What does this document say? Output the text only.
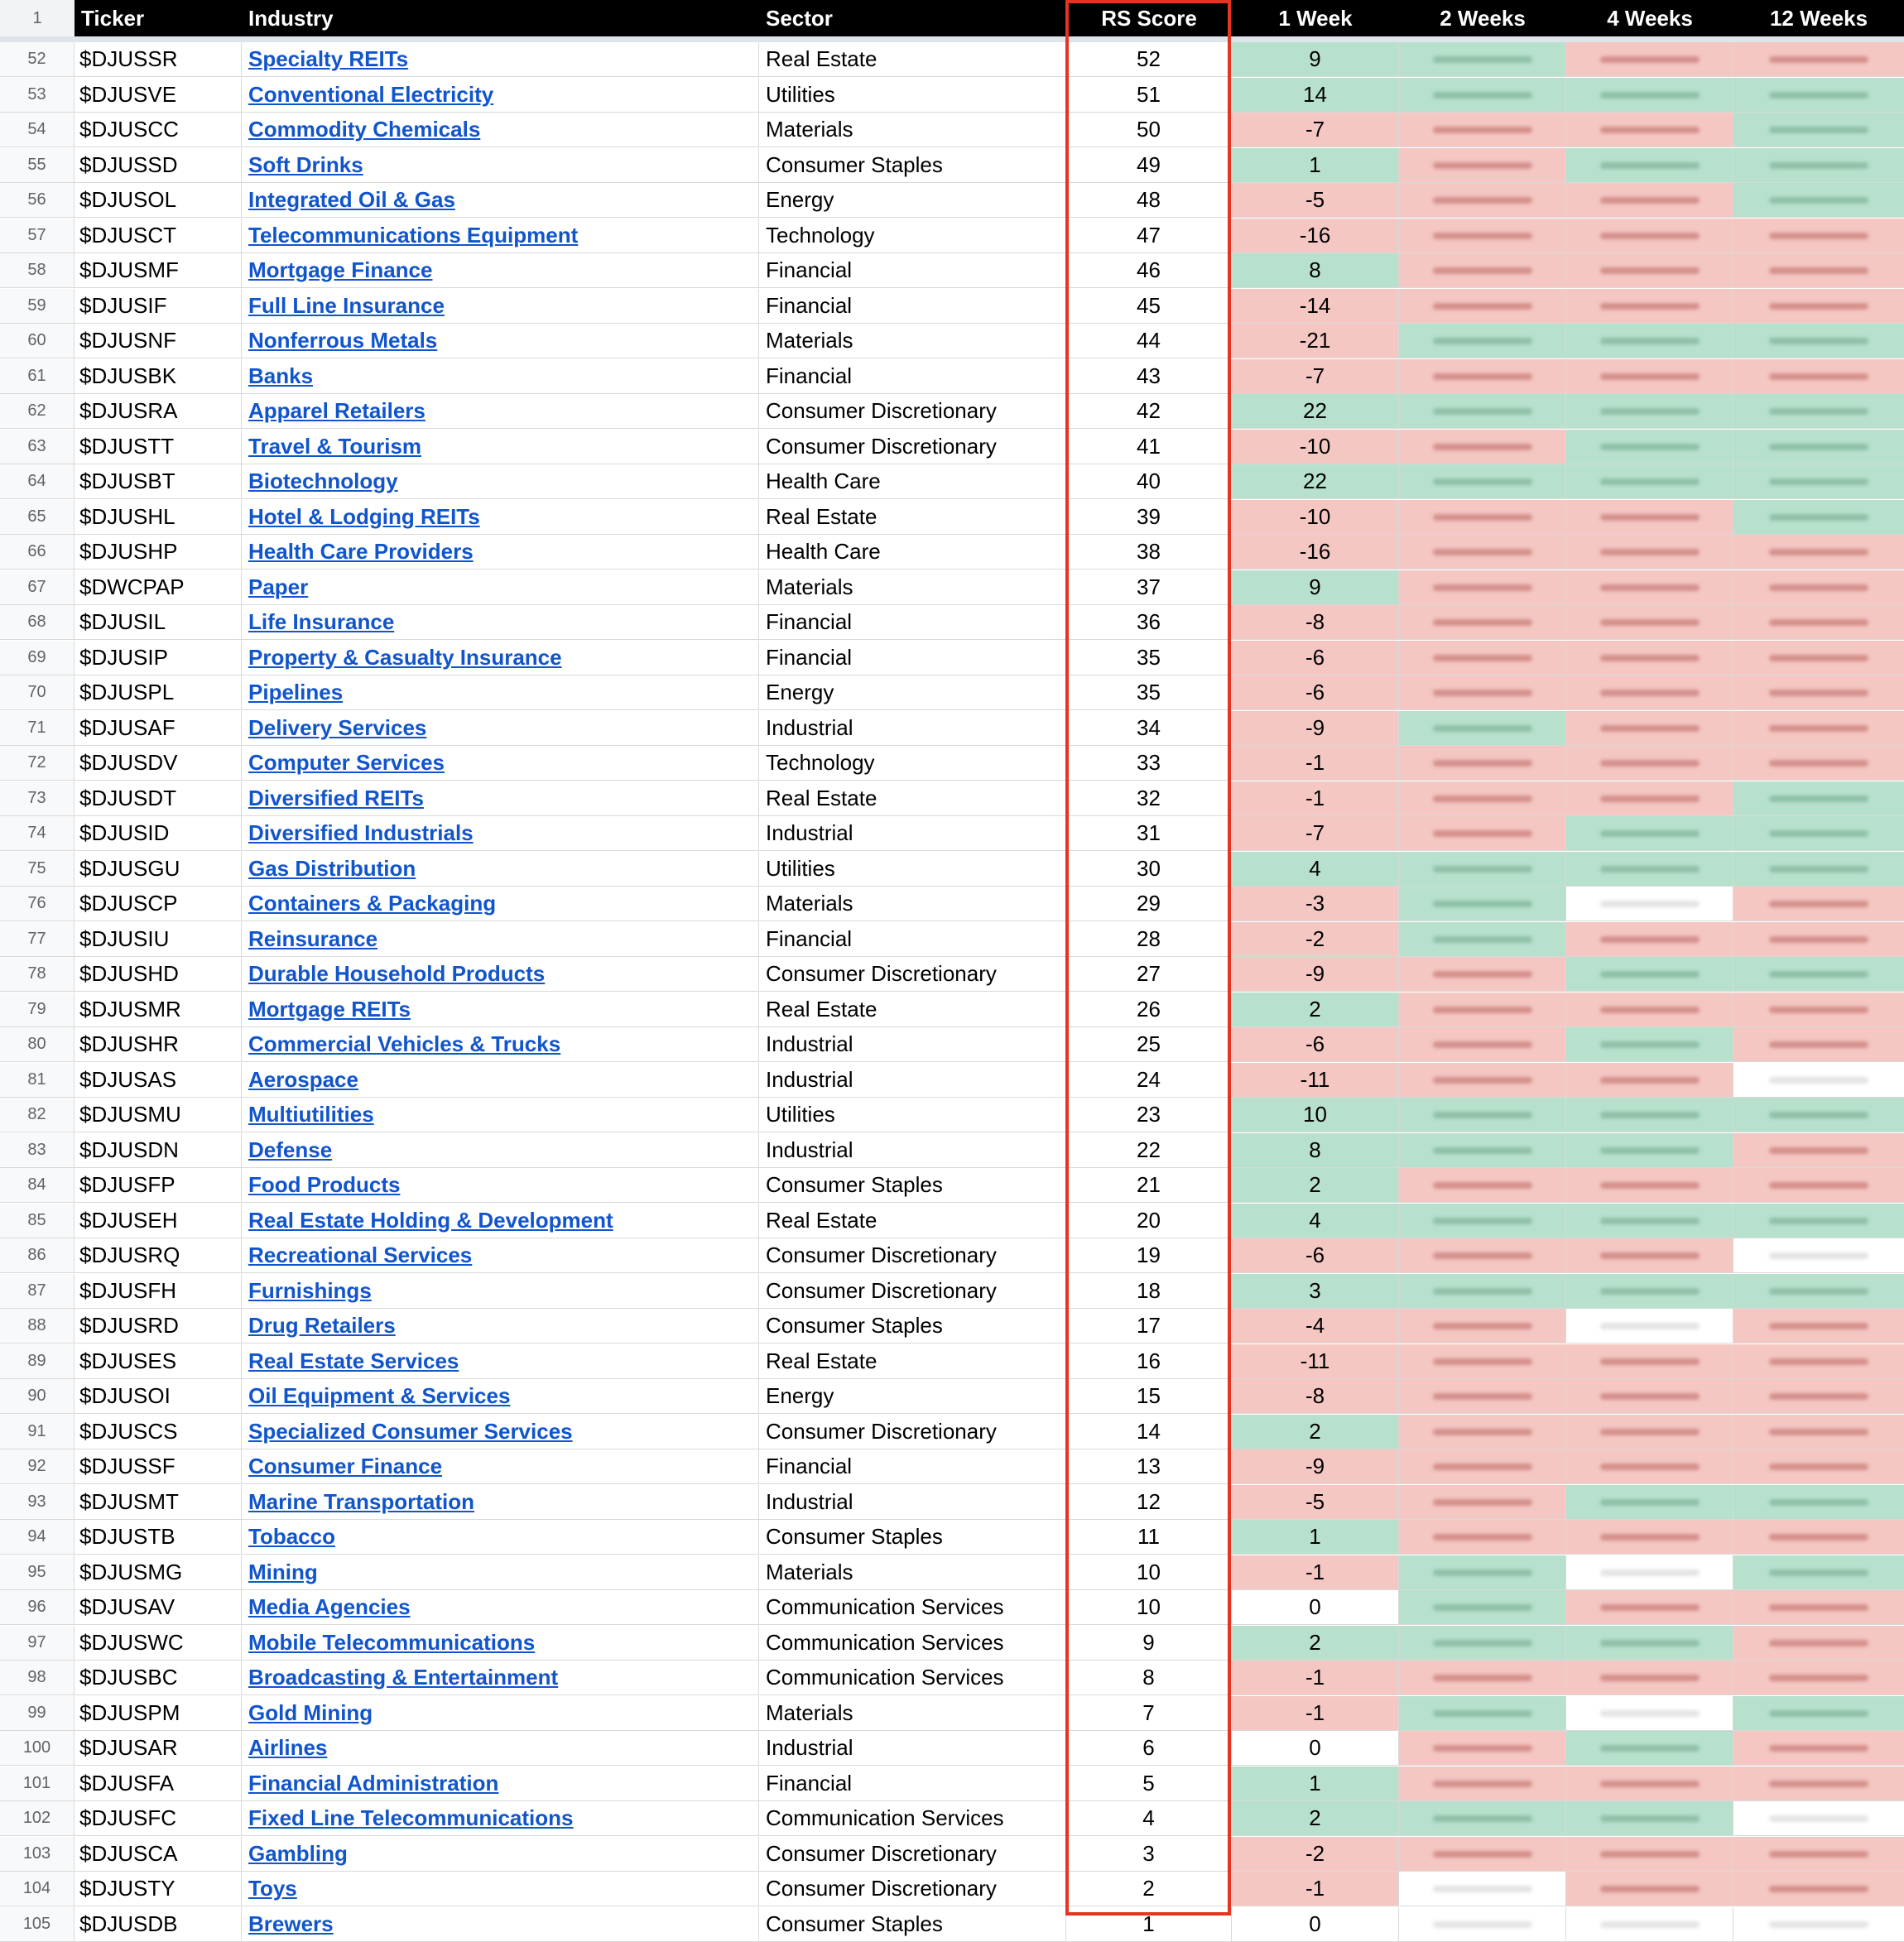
1	Ticker	Industry	Sector	RS Score	1 Week	2 Weeks	4 Weeks	12 Weeks
52	$DJUSSR	Specialty REITs	Real Estate	52	9
53	$DJUSVE	Conventional Electricity	Utilities	51	14
54	$DJUSCC	Commodity Chemicals	Materials	50	-7
55	$DJUSSD	Soft Drinks	Consumer Staples	49	1
56	$DJUSOL	Integrated Oil & Gas	Energy	48	-5
57	$DJUSCT	Telecommunications Equipment	Technology	47	-16
58	$DJUSMF	Mortgage Finance	Financial	46	8
59	$DJUSIF	Full Line Insurance	Financial	45	-14
60	$DJUSNF	Nonferrous Metals	Materials	44	-21
61	$DJUSBK	Banks	Financial	43	-7
62	$DJUSRA	Apparel Retailers	Consumer Discretionary	42	22
63	$DJUSTT	Travel & Tourism	Consumer Discretionary	41	-10
64	$DJUSBT	Biotechnology	Health Care	40	22
65	$DJUSHL	Hotel & Lodging REITs	Real Estate	39	-10
66	$DJUSHP	Health Care Providers	Health Care	38	-16
67	$DWCPAP	Paper	Materials	37	9
68	$DJUSIL	Life Insurance	Financial	36	-8
69	$DJUSIP	Property & Casualty Insurance	Financial	35	-6
70	$DJUSPL	Pipelines	Energy	35	-6
71	$DJUSAF	Delivery Services	Industrial	34	-9
72	$DJUSDV	Computer Services	Technology	33	-1
73	$DJUSDT	Diversified REITs	Real Estate	32	-1
74	$DJUSID	Diversified Industrials	Industrial	31	-7
75	$DJUSGU	Gas Distribution	Utilities	30	4
76	$DJUSCP	Containers & Packaging	Materials	29	-3
77	$DJUSIU	Reinsurance	Financial	28	-2
78	$DJUSHD	Durable Household Products	Consumer Discretionary	27	-9
79	$DJUSMR	Mortgage REITs	Real Estate	26	2
80	$DJUSHR	Commercial Vehicles & Trucks	Industrial	25	-6
81	$DJUSAS	Aerospace	Industrial	24	-11
82	$DJUSMU	Multiutilities	Utilities	23	10
83	$DJUSDN	Defense	Industrial	22	8
84	$DJUSFP	Food Products	Consumer Staples	21	2
85	$DJUSEH	Real Estate Holding & Development	Real Estate	20	4
86	$DJUSRQ	Recreational Services	Consumer Discretionary	19	-6
87	$DJUSFH	Furnishings	Consumer Discretionary	18	3
88	$DJUSRD	Drug Retailers	Consumer Staples	17	-4
89	$DJUSES	Real Estate Services	Real Estate	16	-11
90	$DJUSOI	Oil Equipment & Services	Energy	15	-8
91	$DJUSCS	Specialized Consumer Services	Consumer Discretionary	14	2
92	$DJUSSF	Consumer Finance	Financial	13	-9
93	$DJUSMT	Marine Transportation	Industrial	12	-5
94	$DJUSTB	Tobacco	Consumer Staples	11	1
95	$DJUSMG	Mining	Materials	10	-1
96	$DJUSAV	Media Agencies	Communication Services	10	0
97	$DJUSWC	Mobile Telecommunications	Communication Services	9	2
98	$DJUSBC	Broadcasting & Entertainment	Communication Services	8	-1
99	$DJUSPM	Gold Mining	Materials	7	-1
100	$DJUSAR	Airlines	Industrial	6	0
101	$DJUSFA	Financial Administration	Financial	5	1
102	$DJUSFC	Fixed Line Telecommunications	Communication Services	4	2
103	$DJUSCA	Gambling	Consumer Discretionary	3	-2
104	$DJUSTY	Toys	Consumer Discretionary	2	-1
105	$DJUSDB	Brewers	Consumer Staples	1	0
